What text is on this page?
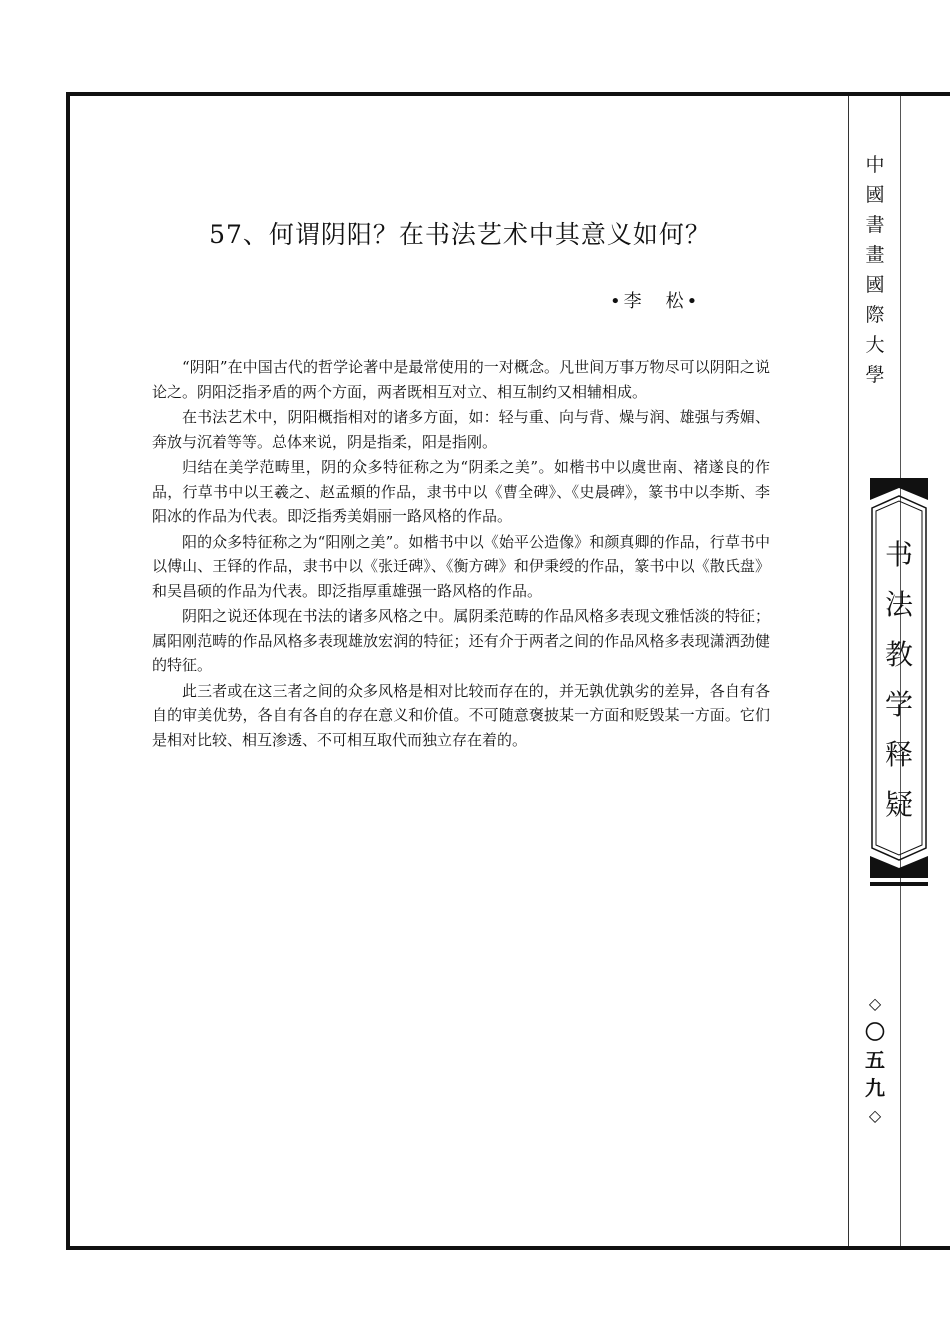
57、何谓阴阳？在书法艺术中其意义如何？
•李　松•

“阴阳”在中国古代的哲学论著中是最常使用的一对概念。凡世间万事万物尽可以阴阳之说论之。阴阳泛指矛盾的两个方面，两者既相互对立、相互制约又相辅相成。

在书法艺术中，阴阳概指相对的诸多方面，如：轻与重、向与背、燥与润、雄强与秀媚、奔放与沉着等等。总体来说，阴是指柔，阳是指刚。

归结在美学范畴里，阴的众多特征称之为“阴柔之美”。如楷书中以虞世南、褚遂良的作品，行草书中以王羲之、赵孟頫的作品，隶书中以《曹全碑》、《史晨碑》，篆书中以李斯、李阳冰的作品为代表。即泛指秀美娟丽一路风格的作品。

阳的众多特征称之为“阳刚之美”。如楷书中以《始平公造像》和颜真卿的作品，行草书中以傅山、王铎的作品，隶书中以《张迁碑》、《衡方碑》和伊秉绶的作品，篆书中以《散氏盘》和吴昌硕的作品为代表。即泛指厚重雄强一路风格的作品。

阴阳之说还体现在书法的诸多风格之中。属阴柔范畴的作品风格多表现文雅恬淡的特征；属阳刚范畴的作品风格多表现雄放宏润的特征；还有介于两者之间的作品风格多表现潇洒劲健的特征。

此三者或在这三者之间的众多风格是相对比较而存在的，并无孰优孰劣的差异，各自有各自的审美优势，各自有各自的存在意义和价值。不可随意褒披某一方面和贬毁某一方面。它们是相对比较、相互渗透、不可相互取代而独立存在着的。

中
國
書
畫
國
際
大
學
书
法
教
学
释
疑
◇
〇
五
九
◇
